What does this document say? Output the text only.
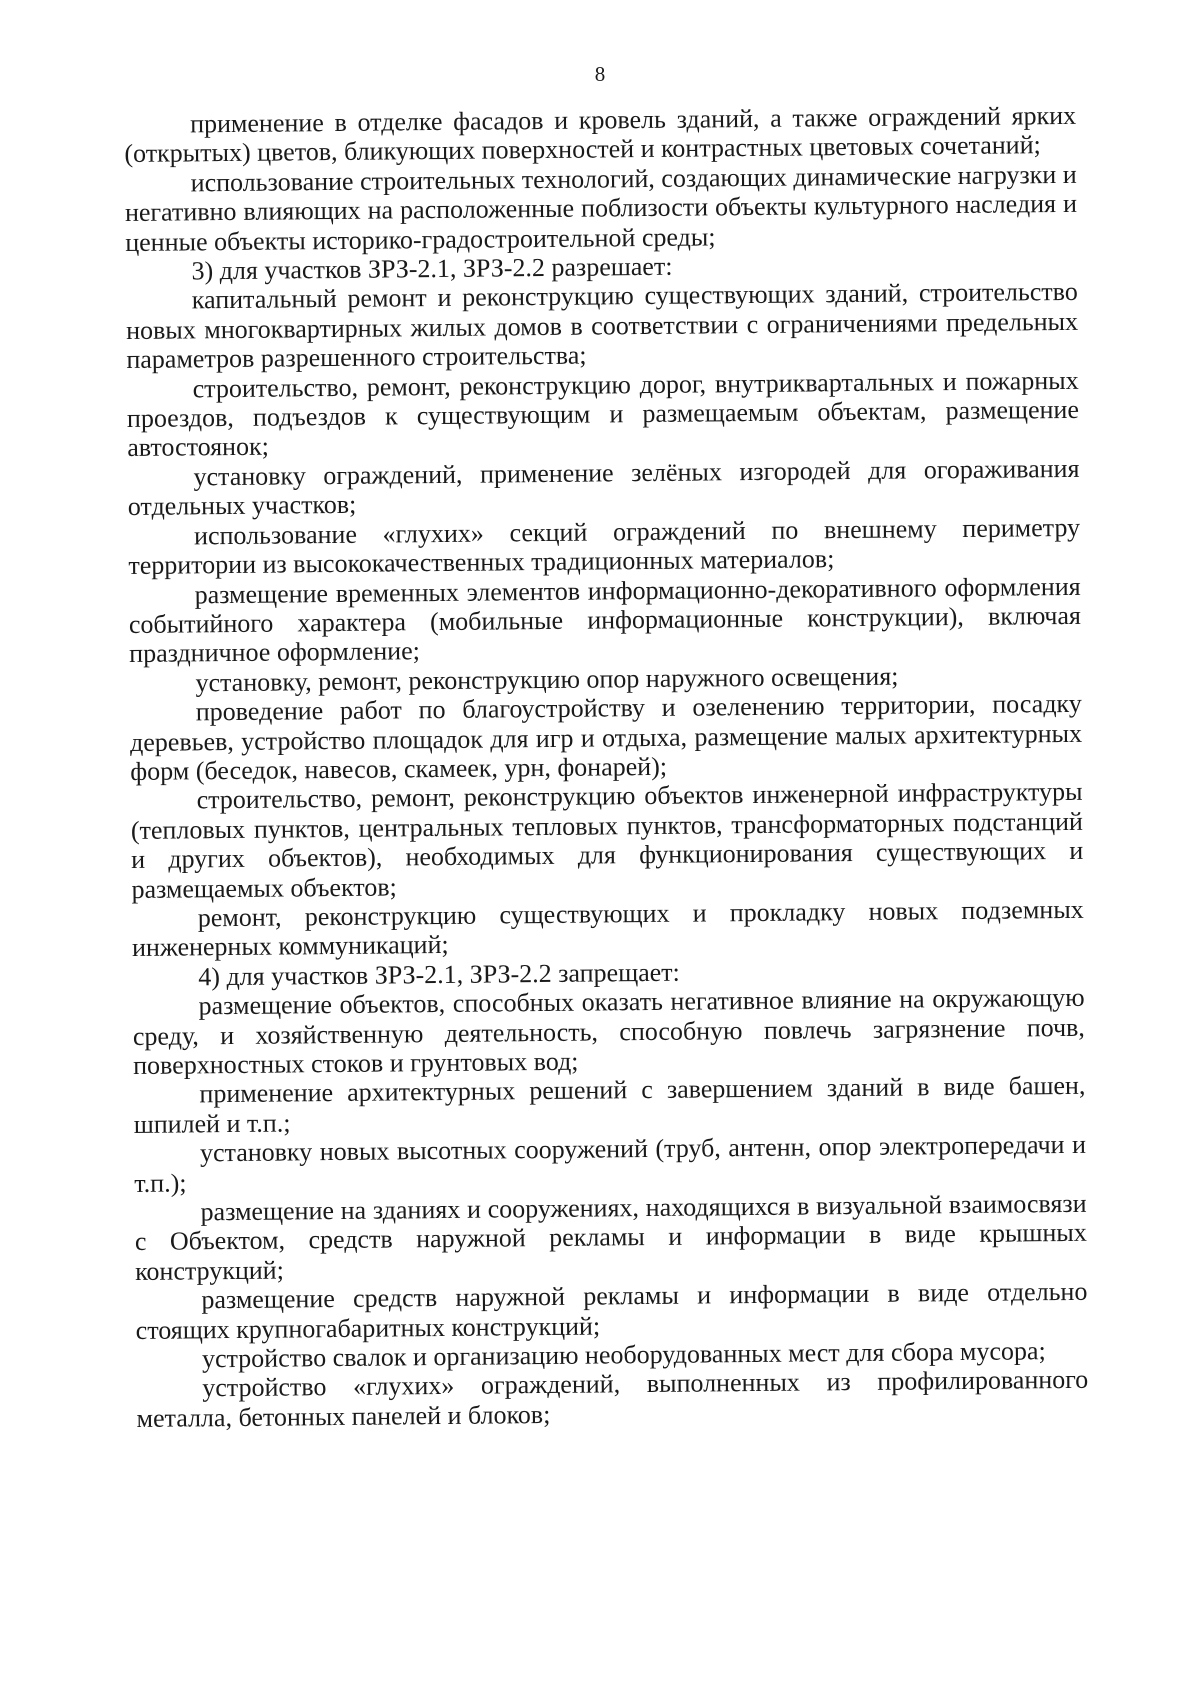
8

применение в отделке фасадов и кровель зданий, а также ограждений ярких (открытых) цветов, бликующих поверхностей и контрастных цветовых сочетаний;

использование строительных технологий, создающих динамические нагрузки и негативно влияющих на расположенные поблизости объекты культурного наследия и ценные объекты историко-градостроительной среды;

3) для участков ЗРЗ-2.1, ЗРЗ-2.2 разрешает:

капитальный ремонт и реконструкцию существующих зданий, строительство новых многоквартирных жилых домов в соответствии с ограничениями предельных параметров разрешенного строительства;

строительство, ремонт, реконструкцию дорог, внутриквартальных и пожарных проездов, подъездов к существующим и размещаемым объектам, размещение автостоянок;

установку ограждений, применение зелёных изгородей для огораживания отдельных участков;

использование «глухих» секций ограждений по внешнему периметру территории из высококачественных традиционных материалов;

размещение временных элементов информационно-декоративного оформления событийного характера (мобильные информационные конструкции), включая праздничное оформление;

установку, ремонт, реконструкцию опор наружного освещения;

проведение работ по благоустройству и озеленению территории, посадку деревьев, устройство площадок для игр и отдыха, размещение малых архитектурных форм (беседок, навесов, скамеек, урн, фонарей);

строительство, ремонт, реконструкцию объектов инженерной инфраструктуры (тепловых пунктов, центральных тепловых пунктов, трансформаторных подстанций и других объектов), необходимых для функционирования существующих и размещаемых объектов;

ремонт, реконструкцию существующих и прокладку новых подземных инженерных коммуникаций;

4) для участков ЗРЗ-2.1, ЗРЗ-2.2 запрещает:

размещение объектов, способных оказать негативное влияние на окружающую среду, и хозяйственную деятельность, способную повлечь загрязнение почв, поверхностных стоков и грунтовых вод;

применение архитектурных решений с завершением зданий в виде башен, шпилей и т.п.;

установку новых высотных сооружений (труб, антенн, опор электропередачи и т.п.);

размещение на зданиях и сооружениях, находящихся в визуальной взаимосвязи с Объектом, средств наружной рекламы и информации в виде крышных конструкций;

размещение средств наружной рекламы и информации в виде отдельно стоящих крупногабаритных конструкций;

устройство свалок и организацию необорудованных мест для сбора мусора;

устройство «глухих» ограждений, выполненных из профилированного металла, бетонных панелей и блоков;
